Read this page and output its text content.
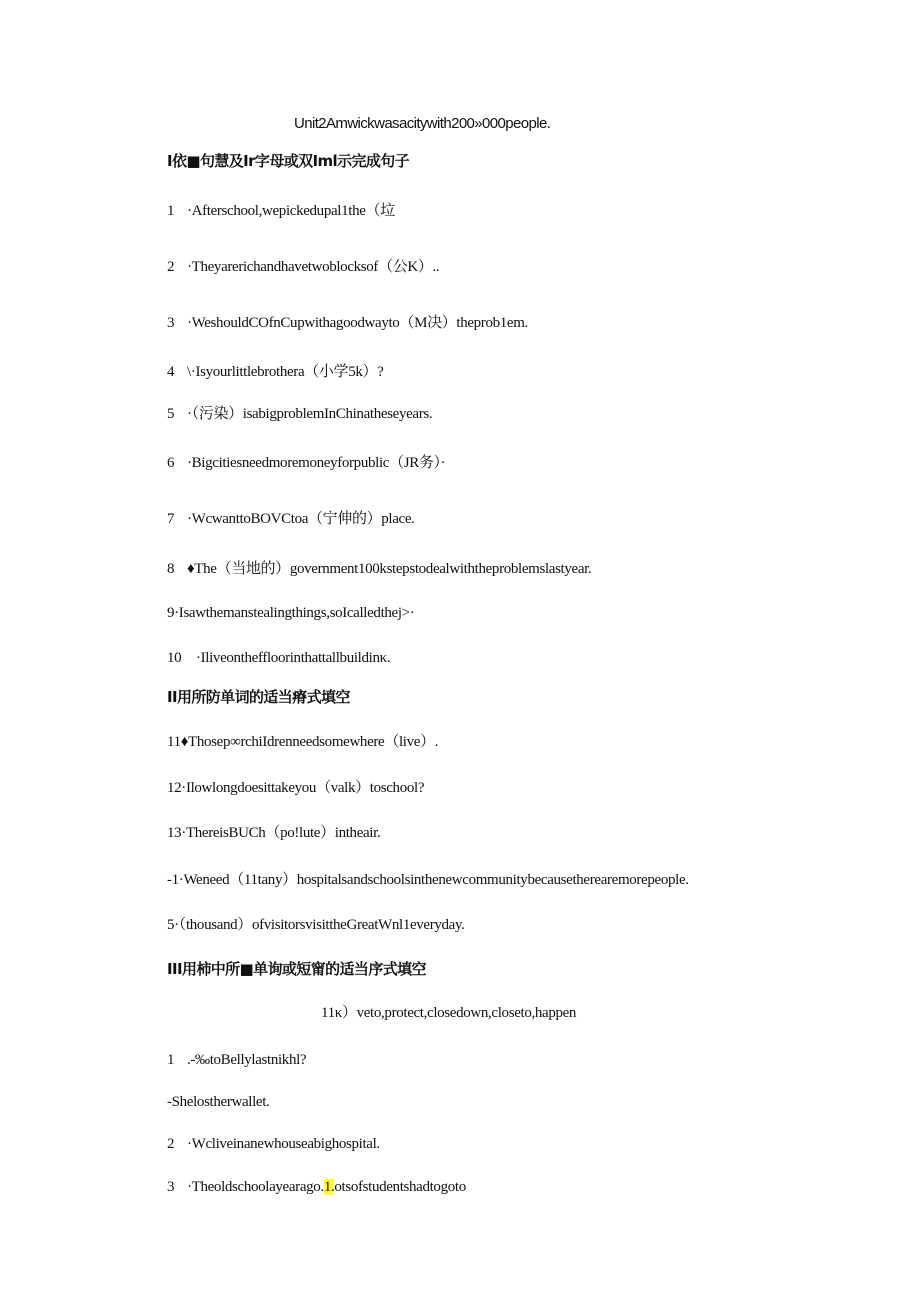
Unit2Amwickwasacitywith200»000people.
I依■句慧及Ir字母或双Iml示完成句子
1 ·Afterschool,wepickedupal1the（垃
2 ·Theyarerichandhavetwoblocksof（公K）..
3 ·WeshouldCOfnCupwithagoodwayto（M决）theprob1em.
4 \·Isyourlittlebrothera（小学5k）?
5 ·（污染）isabigproblemInChinatheseyears.
6 ·Bigcitiesneedmoremoneyforpublic（JR务）·
7 ·WcwanttoBOVCtoa（宁伸的）place.
8 ♦The（当地的）government100kstepstodealwiththeproblemslastyear.
9·Isawthemanstealingthings,soIcalledthej>·
10 ·Iliveontheffloorinthattallbuildinκ.
II用所防单词的适当瘠式填空
11♦Thosep∞rchiIdrenneedsomewhere（live）.
12·Ilowlongdoesittakeyou（valk）toschool?
13·ThereisBUCh（po!lute）intheair.
-1·Weneed（11tany）hospitalsandschoolsinthenewcommunitybecausetherearemorepeople.
5·（thousand）ofvisitorsvisittheGreatWnl1everyday.
III用柿中所■单询或短甯的适当序式填空
11κ）veto,protect,closedown,closeto,happen
1 .-‰toBellylastnikhl?
-Shelostherwallet.
2 ·Wcliveinanewhouseabighospital.
3 ·Theoldschoolayearago.1.otsofstudentshadtogoto
